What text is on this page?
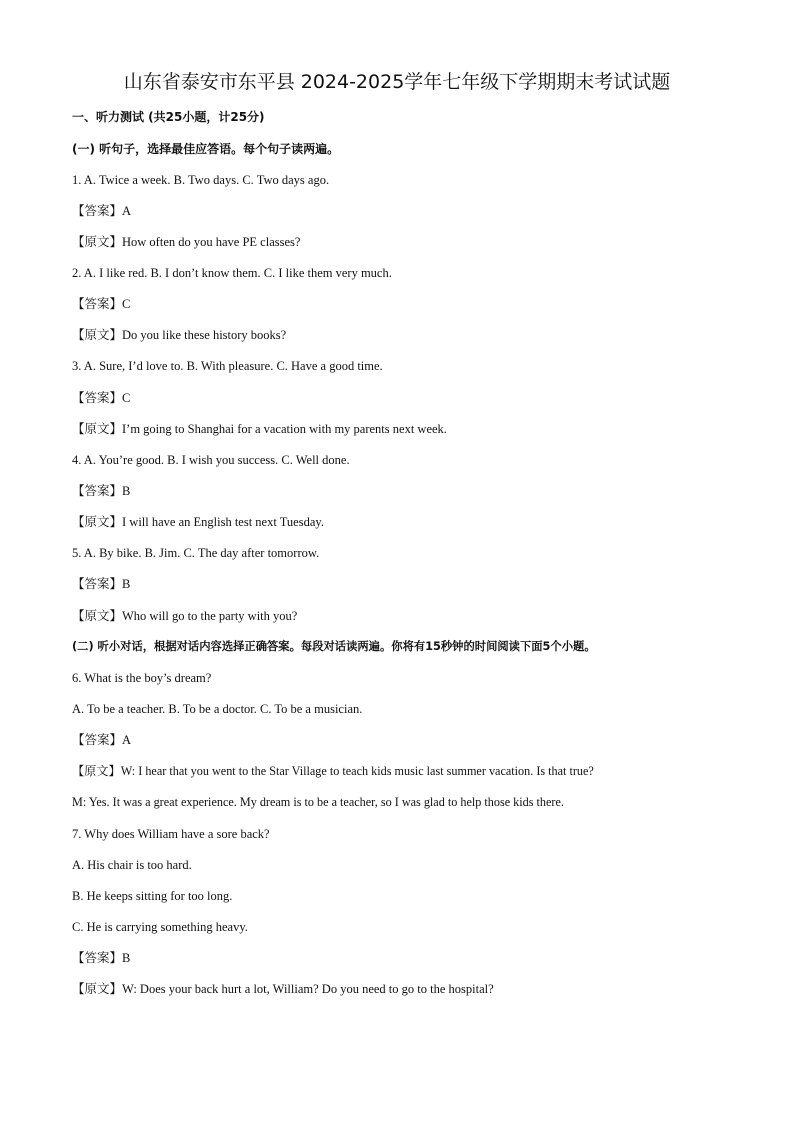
山东省泰安市东平县 2024-2025学年七年级下学期期末考试试题
一、听力测试 (共25小题，计25分)
(一) 听句子，选择最佳应答语。每个句子读两遍。
1. A. Twice a week. B. Two days. C. Two days ago.
【答案】A
【原文】How often do you have PE classes?
2. A. I like red. B. I don’t know them. C. I like them very much.
【答案】C
【原文】Do you like these history books?
3. A. Sure, I’d love to. B. With pleasure. C. Have a good time.
【答案】C
【原文】I’m going to Shanghai for a vacation with my parents next week.
4. A. You’re good. B. I wish you success. C. Well done.
【答案】B
【原文】I will have an English test next Tuesday.
5. A. By bike. B. Jim. C. The day after tomorrow.
【答案】B
【原文】Who will go to the party with you?
(二) 听小对话，根据对话内容选择正确答案。每段对话读两遍。你将有15秒钟的时间阅读下面5个小题。
6. What is the boy’s dream?
A. To be a teacher. B. To be a doctor. C. To be a musician.
【答案】A
【原文】W: I hear that you went to the Star Village to teach kids music last summer vacation. Is that true?
M: Yes. It was a great experience. My dream is to be a teacher, so I was glad to help those kids there.
7. Why does William have a sore back?
A. His chair is too hard.
B. He keeps sitting for too long.
C. He is carrying something heavy.
【答案】B
【原文】W: Does your back hurt a lot, William? Do you need to go to the hospital?
